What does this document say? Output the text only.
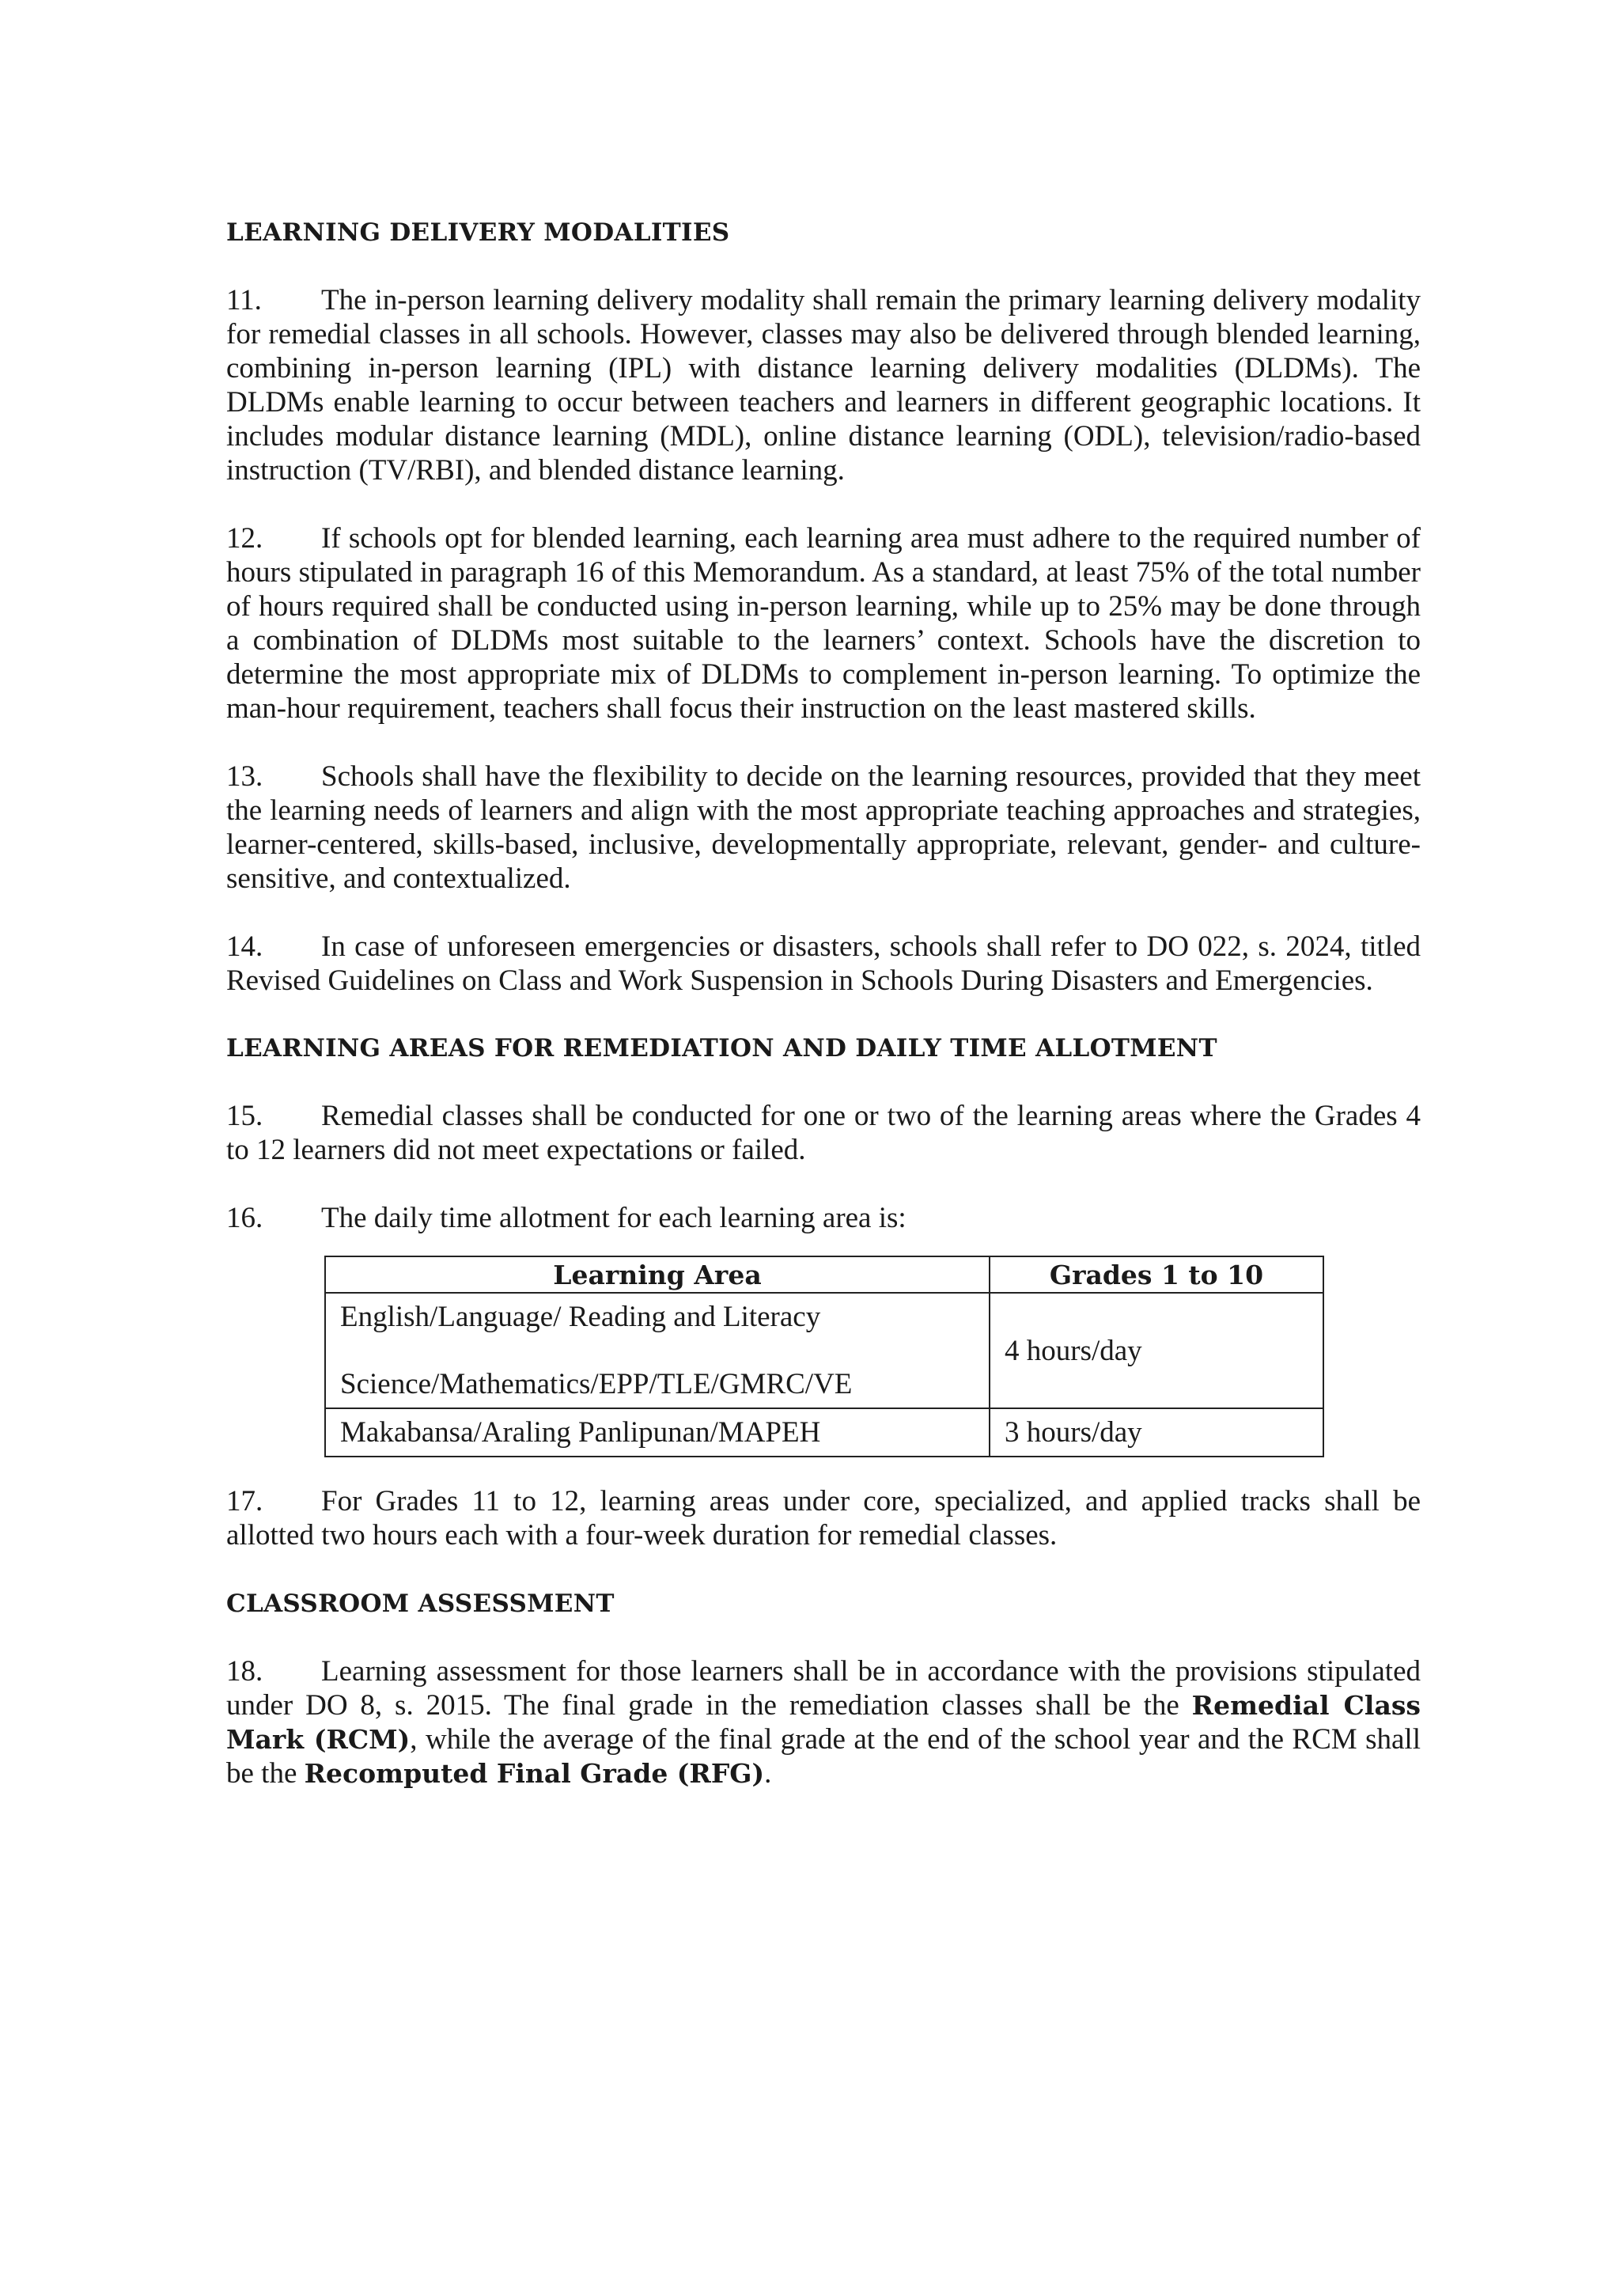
LEARNING DELIVERY MODALITIES

11. The in-person learning delivery modality shall remain the primary learning delivery modality for remedial classes in all schools. However, classes may also be delivered through blended learning, combining in-person learning (IPL) with distance learning delivery modalities (DLDMs). The DLDMs enable learning to occur between teachers and learners in different geographic locations. It includes modular distance learning (MDL), online distance learning (ODL), television/radio-based instruction (TV/RBI), and blended distance learning.

12. If schools opt for blended learning, each learning area must adhere to the required number of hours stipulated in paragraph 16 of this Memorandum. As a standard, at least 75% of the total number of hours required shall be conducted using in-person learning, while up to 25% may be done through a combination of DLDMs most suitable to the learners’ context. Schools have the discretion to determine the most appropriate mix of DLDMs to complement in-person learning. To optimize the man-hour requirement, teachers shall focus their instruction on the least mastered skills.

13. Schools shall have the flexibility to decide on the learning resources, provided that they meet the learning needs of learners and align with the most appropriate teaching approaches and strategies, learner-centered, skills-based, inclusive, developmentally appropriate, relevant, gender- and culture-sensitive, and contextualized.

14. In case of unforeseen emergencies or disasters, schools shall refer to DO 022, s. 2024, titled Revised Guidelines on Class and Work Suspension in Schools During Disasters and Emergencies.

LEARNING AREAS FOR REMEDIATION AND DAILY TIME ALLOTMENT

15. Remedial classes shall be conducted for one or two of the learning areas where the Grades 4 to 12 learners did not meet expectations or failed.

16. The daily time allotment for each learning area is:

Learning Area	Grades 1 to 10

English/Language/ Reading and Literacy
Science/Mathematics/EPP/TLE/GMRC/VE	4 hours/day
Makabansa/Araling Panlipunan/MAPEH	3 hours/day

17. For Grades 11 to 12, learning areas under core, specialized, and applied tracks shall be allotted two hours each with a four-week duration for remedial classes.

CLASSROOM ASSESSMENT

18. Learning assessment for those learners shall be in accordance with the provisions stipulated under DO 8, s. 2015. The final grade in the remediation classes shall be the Remedial Class Mark (RCM), while the average of the final grade at the end of the school year and the RCM shall be the Recomputed Final Grade (RFG).
